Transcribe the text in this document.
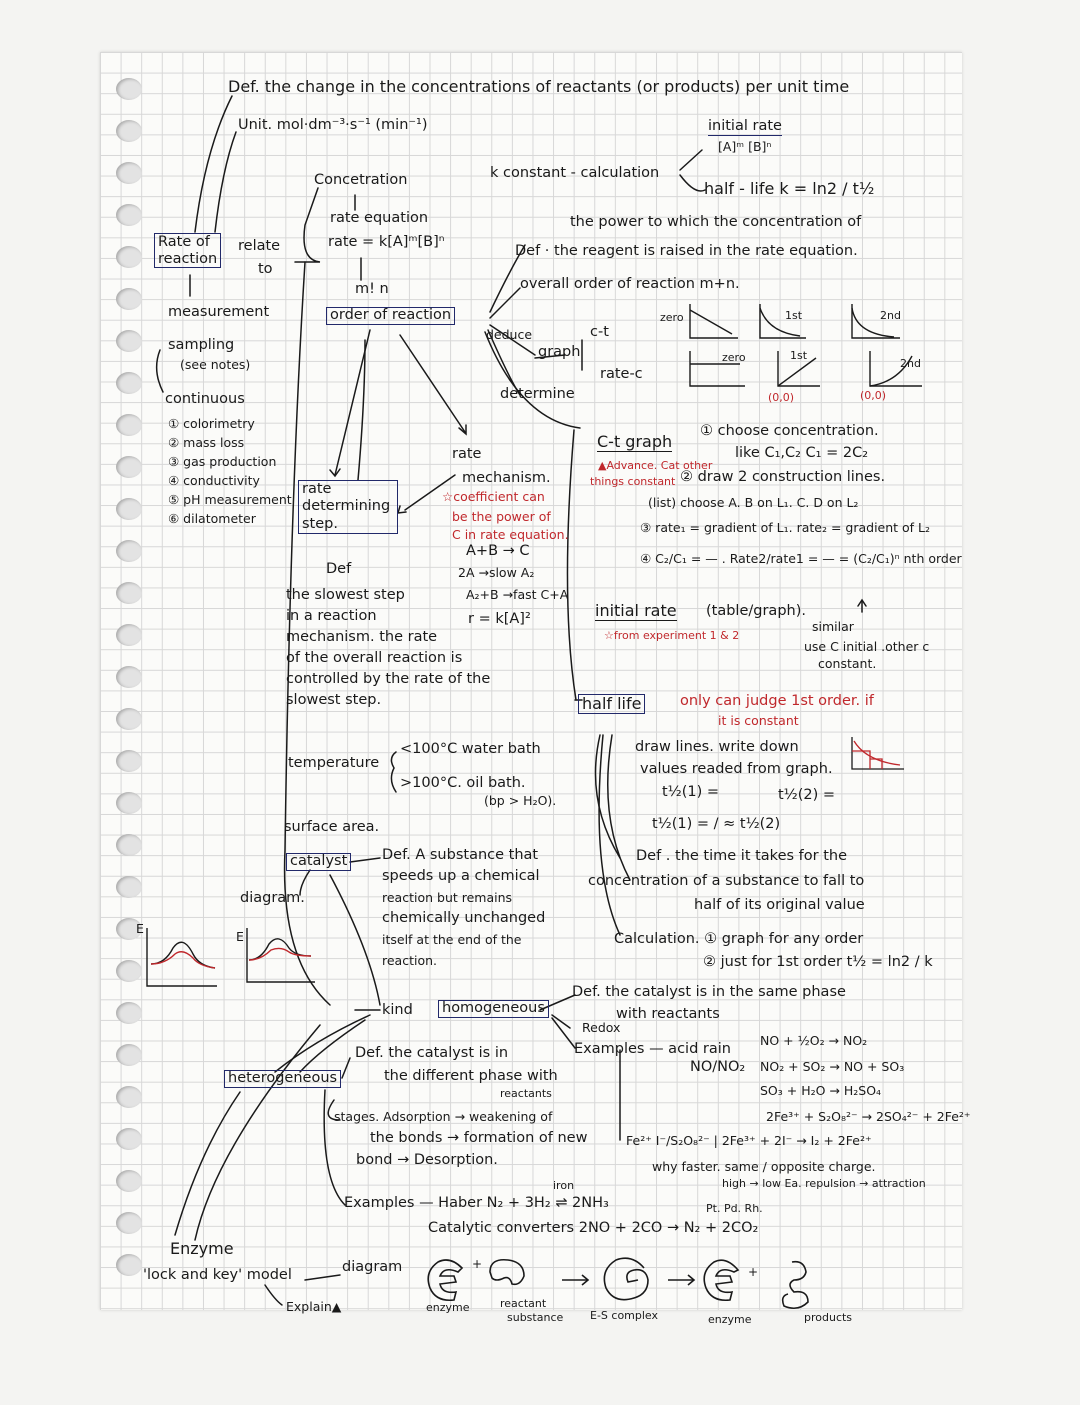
Def. the change in the concentrations of reactants (or products) per unit time
Unit. mol·dm⁻³·s⁻¹ (min⁻¹)
Rate of
reaction
relate
to
measurement
sampling
(see notes)
continuous
① colorimetry
② mass loss
③ gas production
④ conductivity
⑤ pH measurement
⑥ dilatometer
Concetration
rate equation
rate = k[A]ᵐ[B]ⁿ
m! n
order of reaction
k constant - calculation
initial rate
[A]ᵐ [B]ⁿ
half - life k = ln2 / t½
the power to which the concentration of
Def · the reagent is raised in the rate equation.
overall order of reaction m+n.
zero	1st	2nd
zero	1st
2nd
(0,0)	(0,0)
deduce
graph
c-t
rate-c
determine
C-t graph
▲Advance. Cat other
things constant
① choose concentration.
like C₁,C₂ C₁ = 2C₂
② draw 2 construction lines.
(list) choose A. B on L₁. C. D on L₂
③ rate₁ = gradient of L₁. rate₂ = gradient of L₂
④ C₂/C₁ = — . Rate2/rate1 = — = (C₂/C₁)ⁿ nth order
initial rate (table/graph).
similar
☆from experiment 1 & 2
use C initial .other c
constant.
rate
rate determining step.
mechanism.
☆coefficient can
be the power of
C in rate equation.
A+B → C
2A →slow A₂
A₂+B →fast C+A
r = k[A]²
Def
the slowest step
in a reaction
mechanism. the rate
of the overall reaction is
controlled by the rate of the
slowest step.
temperature
<100°C water bath
>100°C. oil bath.
(bp > H₂O).
surface area.
half life	only can judge 1st order. if
it is constant
draw lines. write down
values readed from graph.
t½(1) =	t½(2) =
t½(1) = / ≈ t½(2)
Def . the time it takes for the
concentration of a substance to fall to
half of its original value
Calculation. ① graph for any order
② just for 1st order t½ = ln2 / k
catalyst Def. A substance that
speeds up a chemical
reaction but remains
chemically unchanged
itself at the end of the
reaction.
diagram.
E
E
kind homogeneous
Def. the catalyst is in the same phase
with reactants
Redox
Examples — acid rain
NO/NO₂
NO + ½O₂ → NO₂
NO₂ + SO₂ → NO + SO₃
SO₃ + H₂O → H₂SO₄
2Fe³⁺ + S₂O₈²⁻ → 2SO₄²⁻ + 2Fe²⁺
Fe²⁺ I⁻/S₂O₈²⁻ | 2Fe³⁺ + 2I⁻ → I₂ + 2Fe²⁺
why faster. same / opposite charge.
high → low Ea. repulsion → attraction
heterogeneous
Def. the catalyst is in
the different phase with
reactants
stages. Adsorption → weakening of
the bonds → formation of new
bond → Desorption.
iron
Examples — Haber N₂ + 3H₂ ⇌ 2NH₃	Pt. Pd. Rh.
Catalytic converters 2NO + 2CO → N₂ + 2CO₂
Enzyme
'lock and key' model	diagram
Explain▲
+
+
enzyme	reactant
substance E-S complex	enzyme	products
